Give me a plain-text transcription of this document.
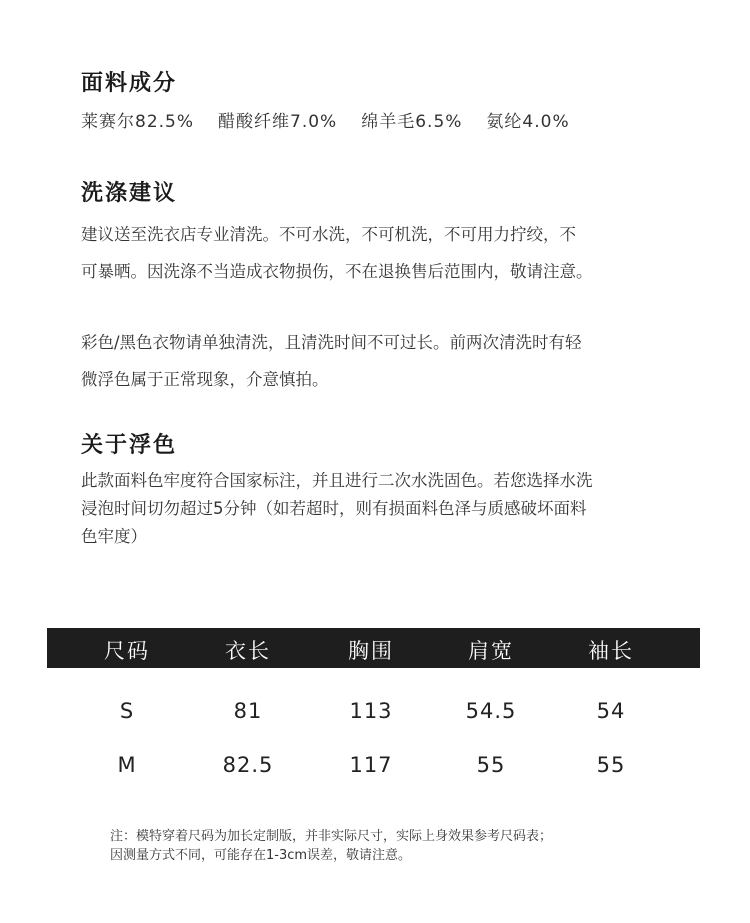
面料成分
莱赛尔82.5% 醋酸纤维7.0% 绵羊毛6.5% 氨纶4.0%
洗涤建议
建议送至洗衣店专业清洗。不可水洗，不可机洗，不可用力拧绞，不
可暴晒。因洗涤不当造成衣物损伤，不在退换售后范围内，敬请注意。
彩色/黑色衣物请单独清洗，且清洗时间不可过长。前两次清洗时有轻
微浮色属于正常现象，介意慎拍。
关于浮色
此款面料色牢度符合国家标注，并且进行二次水洗固色。若您选择水洗
浸泡时间切勿超过5分钟（如若超时，则有损面料色泽与质感破坏面料
色牢度）
尺码	衣长	胸围	肩宽	袖长
S	81	113	54.5	54
M	82.5	117	55	55
注：模特穿着尺码为加长定制版，并非实际尺寸，实际上身效果参考尺码表；
因测量方式不同，可能存在1-3cm误差，敬请注意。
